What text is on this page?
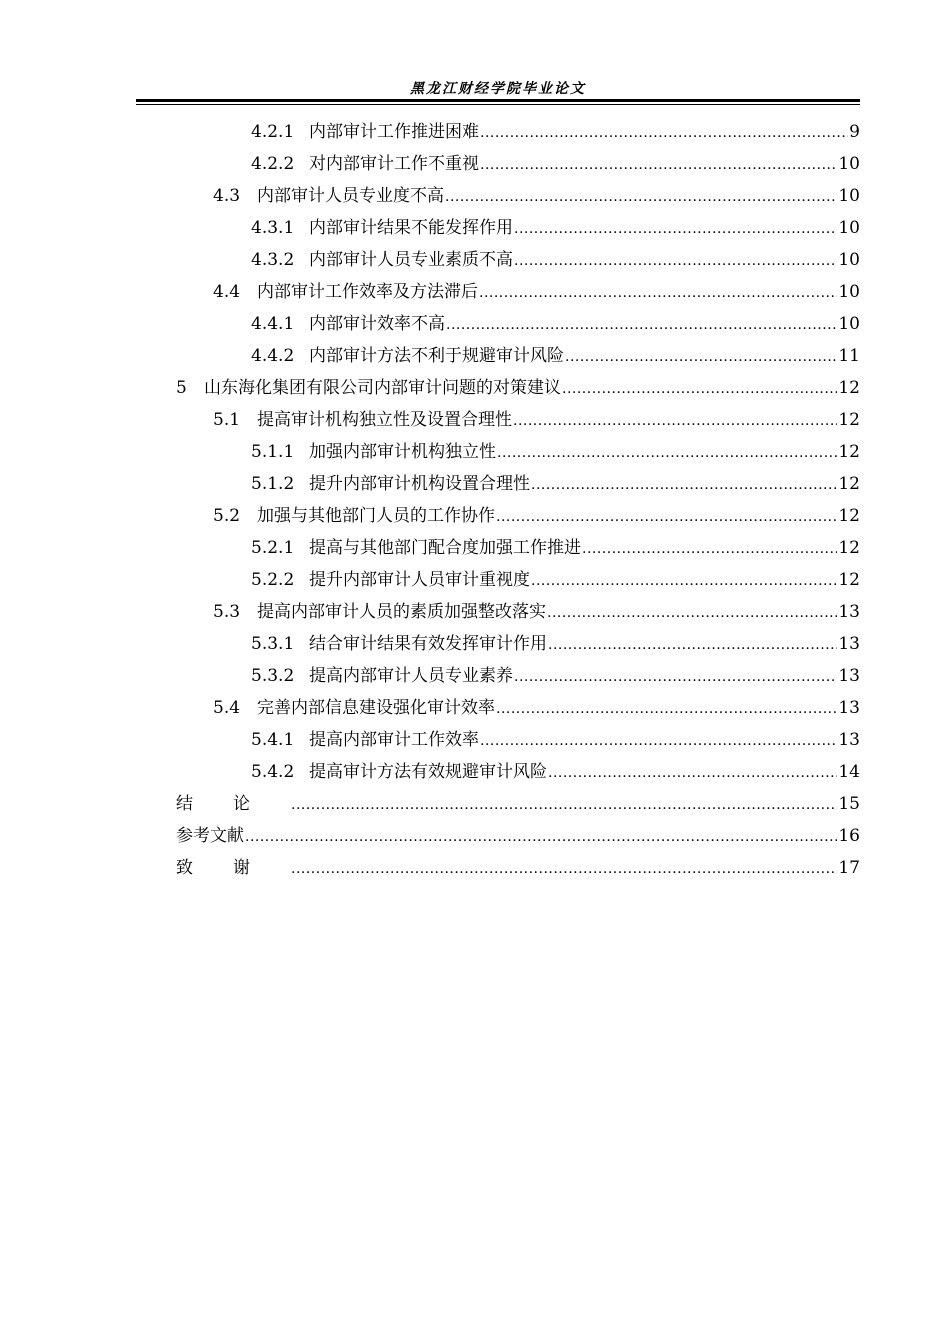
黑龙江财经学院毕业论文
4.2.1 内部审计工作推进困难 .....	9
4.2.2 对内部审计工作不重视 .....	10
4.3 内部审计人员专业度不高 .....	10
4.3.1 内部审计结果不能发挥作用 .....	10
4.3.2 内部审计人员专业素质不高 .....	10
4.4 内部审计工作效率及方法滞后 .....	10
4.4.1 内部审计效率不高 .....	10
4.4.2 内部审计方法不利于规避审计风险 .....	11
5	山东海化集团有限公司内部审计问题的对策建议 .....	12
5.1 提高审计机构独立性及设置合理性 .....	12
5.1.1 加强内部审计机构独立性 .....	12
5.1.2 提升内部审计机构设置合理性 .....	12
5.2 加强与其他部门人员的工作协作 .....	12
5.2.1 提高与其他部门配合度加强工作推进 .....	12
5.2.2 提升内部审计人员审计重视度 .....	12
5.3 提高内部审计人员的素质加强整改落实 .....	13
5.3.1 结合审计结果有效发挥审计作用 .....	13
5.3.2 提高内部审计人员专业素养 .....	13
5.4 完善内部信息建设强化审计效率 .....	13
5.4.1 提高内部审计工作效率 .....	13
5.4.2 提高审计方法有效规避审计风险 .....	14
结论 .....	15
参考文献 .....	16
致谢 .....	17
